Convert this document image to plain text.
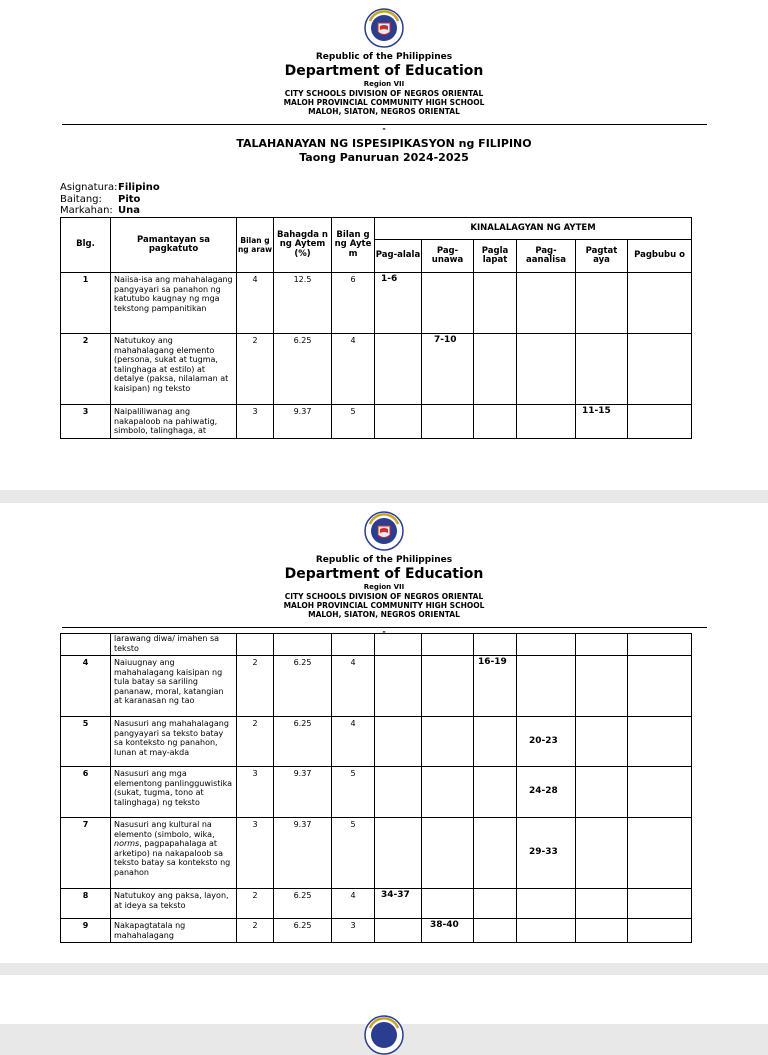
Republic of the Philippines
Department of Education
Region VII
CITY SCHOOLS DIVISION OF NEGROS ORIENTAL
MALOH PROVINCIAL COMMUNITY HIGH SCHOOL
MALOH, SIATON, NEGROS ORIENTAL
-
TALAHANAYAN NG ISPESIPIKASYON ng FILIPINO
Taong Panuruan 2024-2025
Asignatura:Filipino
Baitang: Pito
Markahan: Una
Blg.	Pamantayan sa pagkatuto	Bilan g ng araw	Bahagda n ng Aytem (%)	Bilan g ng Ayte m	KINALALAGYAN NG AYTEM					
					Pag-alala	Pag-unawa	Pagla lapat	Pag-aanalisa	Pagtat aya	Pagbubu o
1	Naiisa-isa ang mahahalagang pangyayari sa panahon ng katutubo kaugnay ng mga tekstong pampanitikan	4	12.5	6	1-6					
2	Natutukoy ang mahahalagang elemento (persona, sukat at tugma, talinghaga at estilo) at detalye (paksa, nilalaman at kaisipan) ng teksto	2	6.25	4		7-10				
3	Naipaliliwanag ang nakapaloob na pahiwatig, simbolo, talinghaga, at	3	9.37	5					11-15	
Republic of the Philippines
Department of Education
Region VII
CITY SCHOOLS DIVISION OF NEGROS ORIENTAL
MALOH PROVINCIAL COMMUNITY HIGH SCHOOL
MALOH, SIATON, NEGROS ORIENTAL
-
	larawang diwa/ imahen sa teksto									
4	Naiuugnay ang mahahalagang kaisipan ng tula batay sa sariling pananaw, moral, katangian at karanasan ng tao	2	6.25	4			16-19			
5	Nasusuri ang mahahalagang pangyayari sa teksto batay sa konteksto ng panahon, lunan at may-akda	2	6.25	4				20-23		
6	Nasusuri ang mga elementong panlingguwistika (sukat, tugma, tono at talinghaga) ng teksto	3	9.37	5				24-28		
7	Nasusuri ang kultural na elemento (simbolo, wika, norms, pagpapahalaga at arketipo) na nakapaloob sa teksto batay sa konteksto ng panahon	3	9.37	5				29-33		
8	Natutukoy ang paksa, layon, at ideya sa teksto	2	6.25	4	34-37					
9	Nakapagtatala ng mahahalagang	2	6.25	3		38-40				
